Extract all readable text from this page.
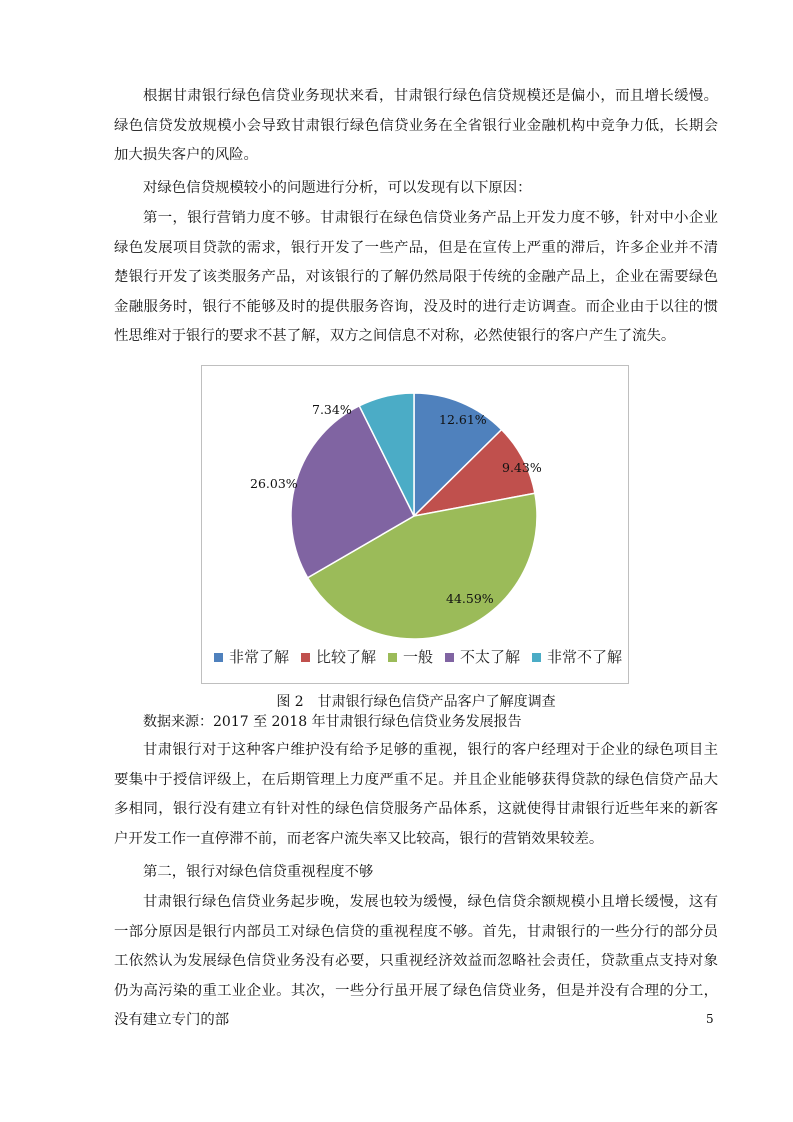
根据甘肃银行绿色信贷业务现状来看，甘肃银行绿色信贷规模还是偏小，而且增长缓慢。绿色信贷发放规模小会导致甘肃银行绿色信贷业务在全省银行业金融机构中竞争力低，长期会加大损失客户的风险。

对绿色信贷规模较小的问题进行分析，可以发现有以下原因：

第一，银行营销力度不够。甘肃银行在绿色信贷业务产品上开发力度不够，针对中小企业绿色发展项目贷款的需求，银行开发了一些产品，但是在宣传上严重的滞后，许多企业并不清楚银行开发了该类服务产品，对该银行的了解仍然局限于传统的金融产品上，企业在需要绿色金融服务时，银行不能够及时的提供服务咨询，没及时的进行走访调查。而企业由于以往的惯性思维对于银行的要求不甚了解，双方之间信息不对称，必然使银行的客户产生了流失。

12.61%
9.43%
44.59%
26.03%
7.34%
非常了解 比较了解 一般 不太了解 非常不了解
图 2　甘肃银行绿色信贷产品客户了解度调查
数据来源：2017 至 2018 年甘肃银行绿色信贷业务发展报告

甘肃银行对于这种客户维护没有给予足够的重视，银行的客户经理对于企业的绿色项目主要集中于授信评级上，在后期管理上力度严重不足。并且企业能够获得贷款的绿色信贷产品大多相同，银行没有建立有针对性的绿色信贷服务产品体系，这就使得甘肃银行近些年来的新客户开发工作一直停滞不前，而老客户流失率又比较高，银行的营销效果较差。

第二，银行对绿色信贷重视程度不够

甘肃银行绿色信贷业务起步晚，发展也较为缓慢，绿色信贷余额规模小且增长缓慢，这有一部分原因是银行内部员工对绿色信贷的重视程度不够。首先，甘肃银行的一些分行的部分员工依然认为发展绿色信贷业务没有必要，只重视经济效益而忽略社会责任，贷款重点支持对象仍为高污染的重工业企业。其次，一些分行虽开展了绿色信贷业务，但是并没有合理的分工，没有建立专门的部	5
